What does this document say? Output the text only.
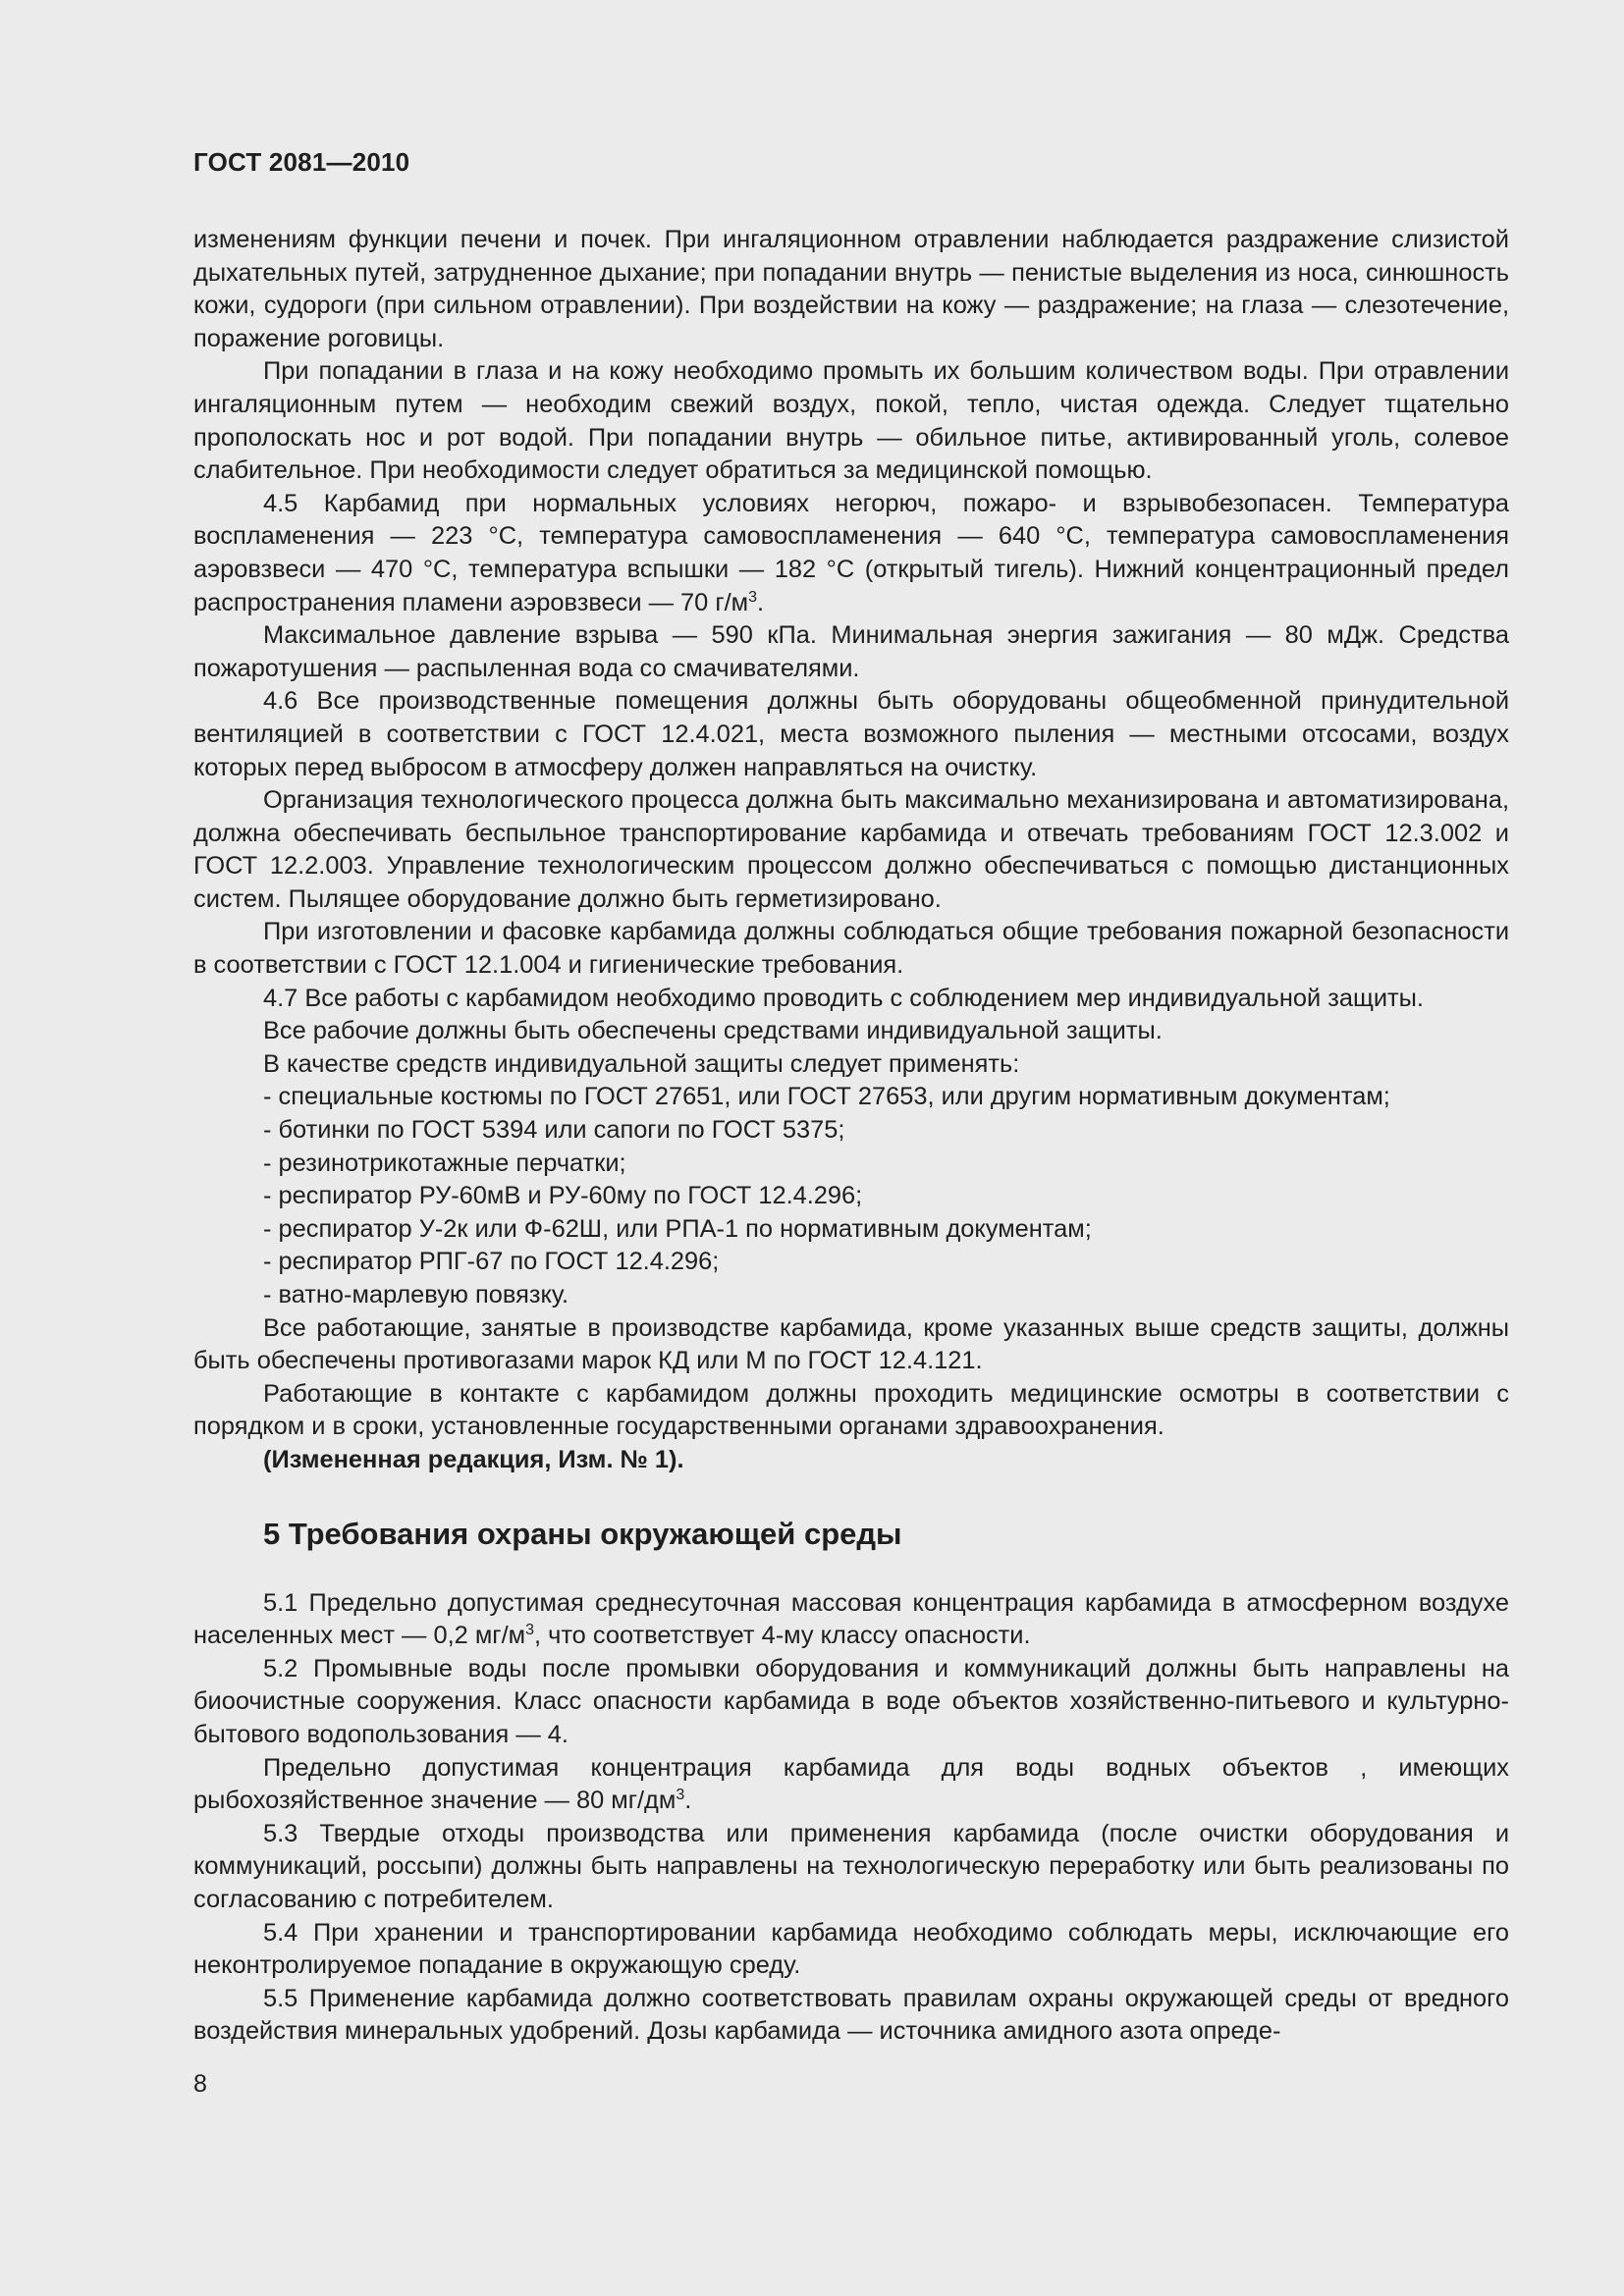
ГОСТ 2081—2010

изменениям функции печени и почек. При ингаляционном отравлении наблюдается раздражение слизистой дыхательных путей, затрудненное дыхание; при попадании внутрь — пенистые выделения из носа, синюшность кожи, судороги (при сильном отравлении). При воздействии на кожу — раздражение; на глаза — слезотечение, поражение роговицы.

При попадании в глаза и на кожу необходимо промыть их большим количеством воды. При отравлении ингаляционным путем — необходим свежий воздух, покой, тепло, чистая одежда. Следует тщательно прополоскать нос и рот водой. При попадании внутрь — обильное питье, активированный уголь, солевое слабительное. При необходимости следует обратиться за медицинской помощью.

4.5 Карбамид при нормальных условиях негорюч, пожаро- и взрывобезопасен. Температура воспламенения — 223 °С, температура самовоспламенения — 640 °С, температура самовоспламенения аэровзвеси — 470 °С, температура вспышки — 182 °С (открытый тигель). Нижний концентрационный предел распространения пламени аэровзвеси — 70 $г/м^3$.

Максимальное давление взрыва — 590 кПа. Минимальная энергия зажигания — 80 мДж. Средства пожаротушения — распыленная вода со смачивателями.

4.6 Все производственные помещения должны быть оборудованы общеобменной принудительной вентиляцией в соответствии с ГОСТ 12.4.021, места возможного пыления — местными отсосами, воздух которых перед выбросом в атмосферу должен направляться на очистку.

Организация технологического процесса должна быть максимально механизирована и автоматизирована, должна обеспечивать беспыльное транспортирование карбамида и отвечать требованиям ГОСТ 12.3.002 и ГОСТ 12.2.003. Управление технологическим процессом должно обеспечиваться с помощью дистанционных систем. Пылящее оборудование должно быть герметизировано.

При изготовлении и фасовке карбамида должны соблюдаться общие требования пожарной безопасности в соответствии с ГОСТ 12.1.004 и гигиенические требования.

4.7 Все работы с карбамидом необходимо проводить с соблюдением мер индивидуальной защиты.

Все рабочие должны быть обеспечены средствами индивидуальной защиты.

В качестве средств индивидуальной защиты следует применять:

- специальные костюмы по ГОСТ 27651, или ГОСТ 27653, или другим нормативным документам;

- ботинки по ГОСТ 5394 или сапоги по ГОСТ 5375;

- резинотрикотажные перчатки;

- респиратор РУ-60мВ и РУ-60му по ГОСТ 12.4.296;

- респиратор У-2к или Ф-62Ш, или РПА-1 по нормативным документам;

- респиратор РПГ-67 по ГОСТ 12.4.296;

- ватно-марлевую повязку.

Все работающие, занятые в производстве карбамида, кроме указанных выше средств защиты, должны быть обеспечены противогазами марок КД или М по ГОСТ 12.4.121.

Работающие в контакте с карбамидом должны проходить медицинские осмотры в соответствии с порядком и в сроки, установленные государственными органами здравоохранения.

(Измененная редакция, Изм. № 1).

5 Требования охраны окружающей среды

5.1 Предельно допустимая среднесуточная массовая концентрация карбамида в атмосферном воздухе населенных мест — 0,2 $мг/м^3$, что соответствует 4-му классу опасности.

5.2 Промывные воды после промывки оборудования и коммуникаций должны быть направлены на биоочистные сооружения. Класс опасности карбамида в воде объектов хозяйственно-питьевого и культурно-бытового водопользования — 4.

Предельно допустимая концентрация карбамида для воды водных объектов , имеющих рыбохозяйственное значение — 80 $мг/дм^3$.

5.3 Твердые отходы производства или применения карбамида (после очистки оборудования и коммуникаций, россыпи) должны быть направлены на технологическую переработку или быть реализованы по согласованию с потребителем.

5.4 При хранении и транспортировании карбамида необходимо соблюдать меры, исключающие его неконтролируемое попадание в окружающую среду.

5.5 Применение карбамида должно соответствовать правилам охраны окружающей среды от вредного воздействия минеральных удобрений. Дозы карбамида — источника амидного азота опреде-

8
